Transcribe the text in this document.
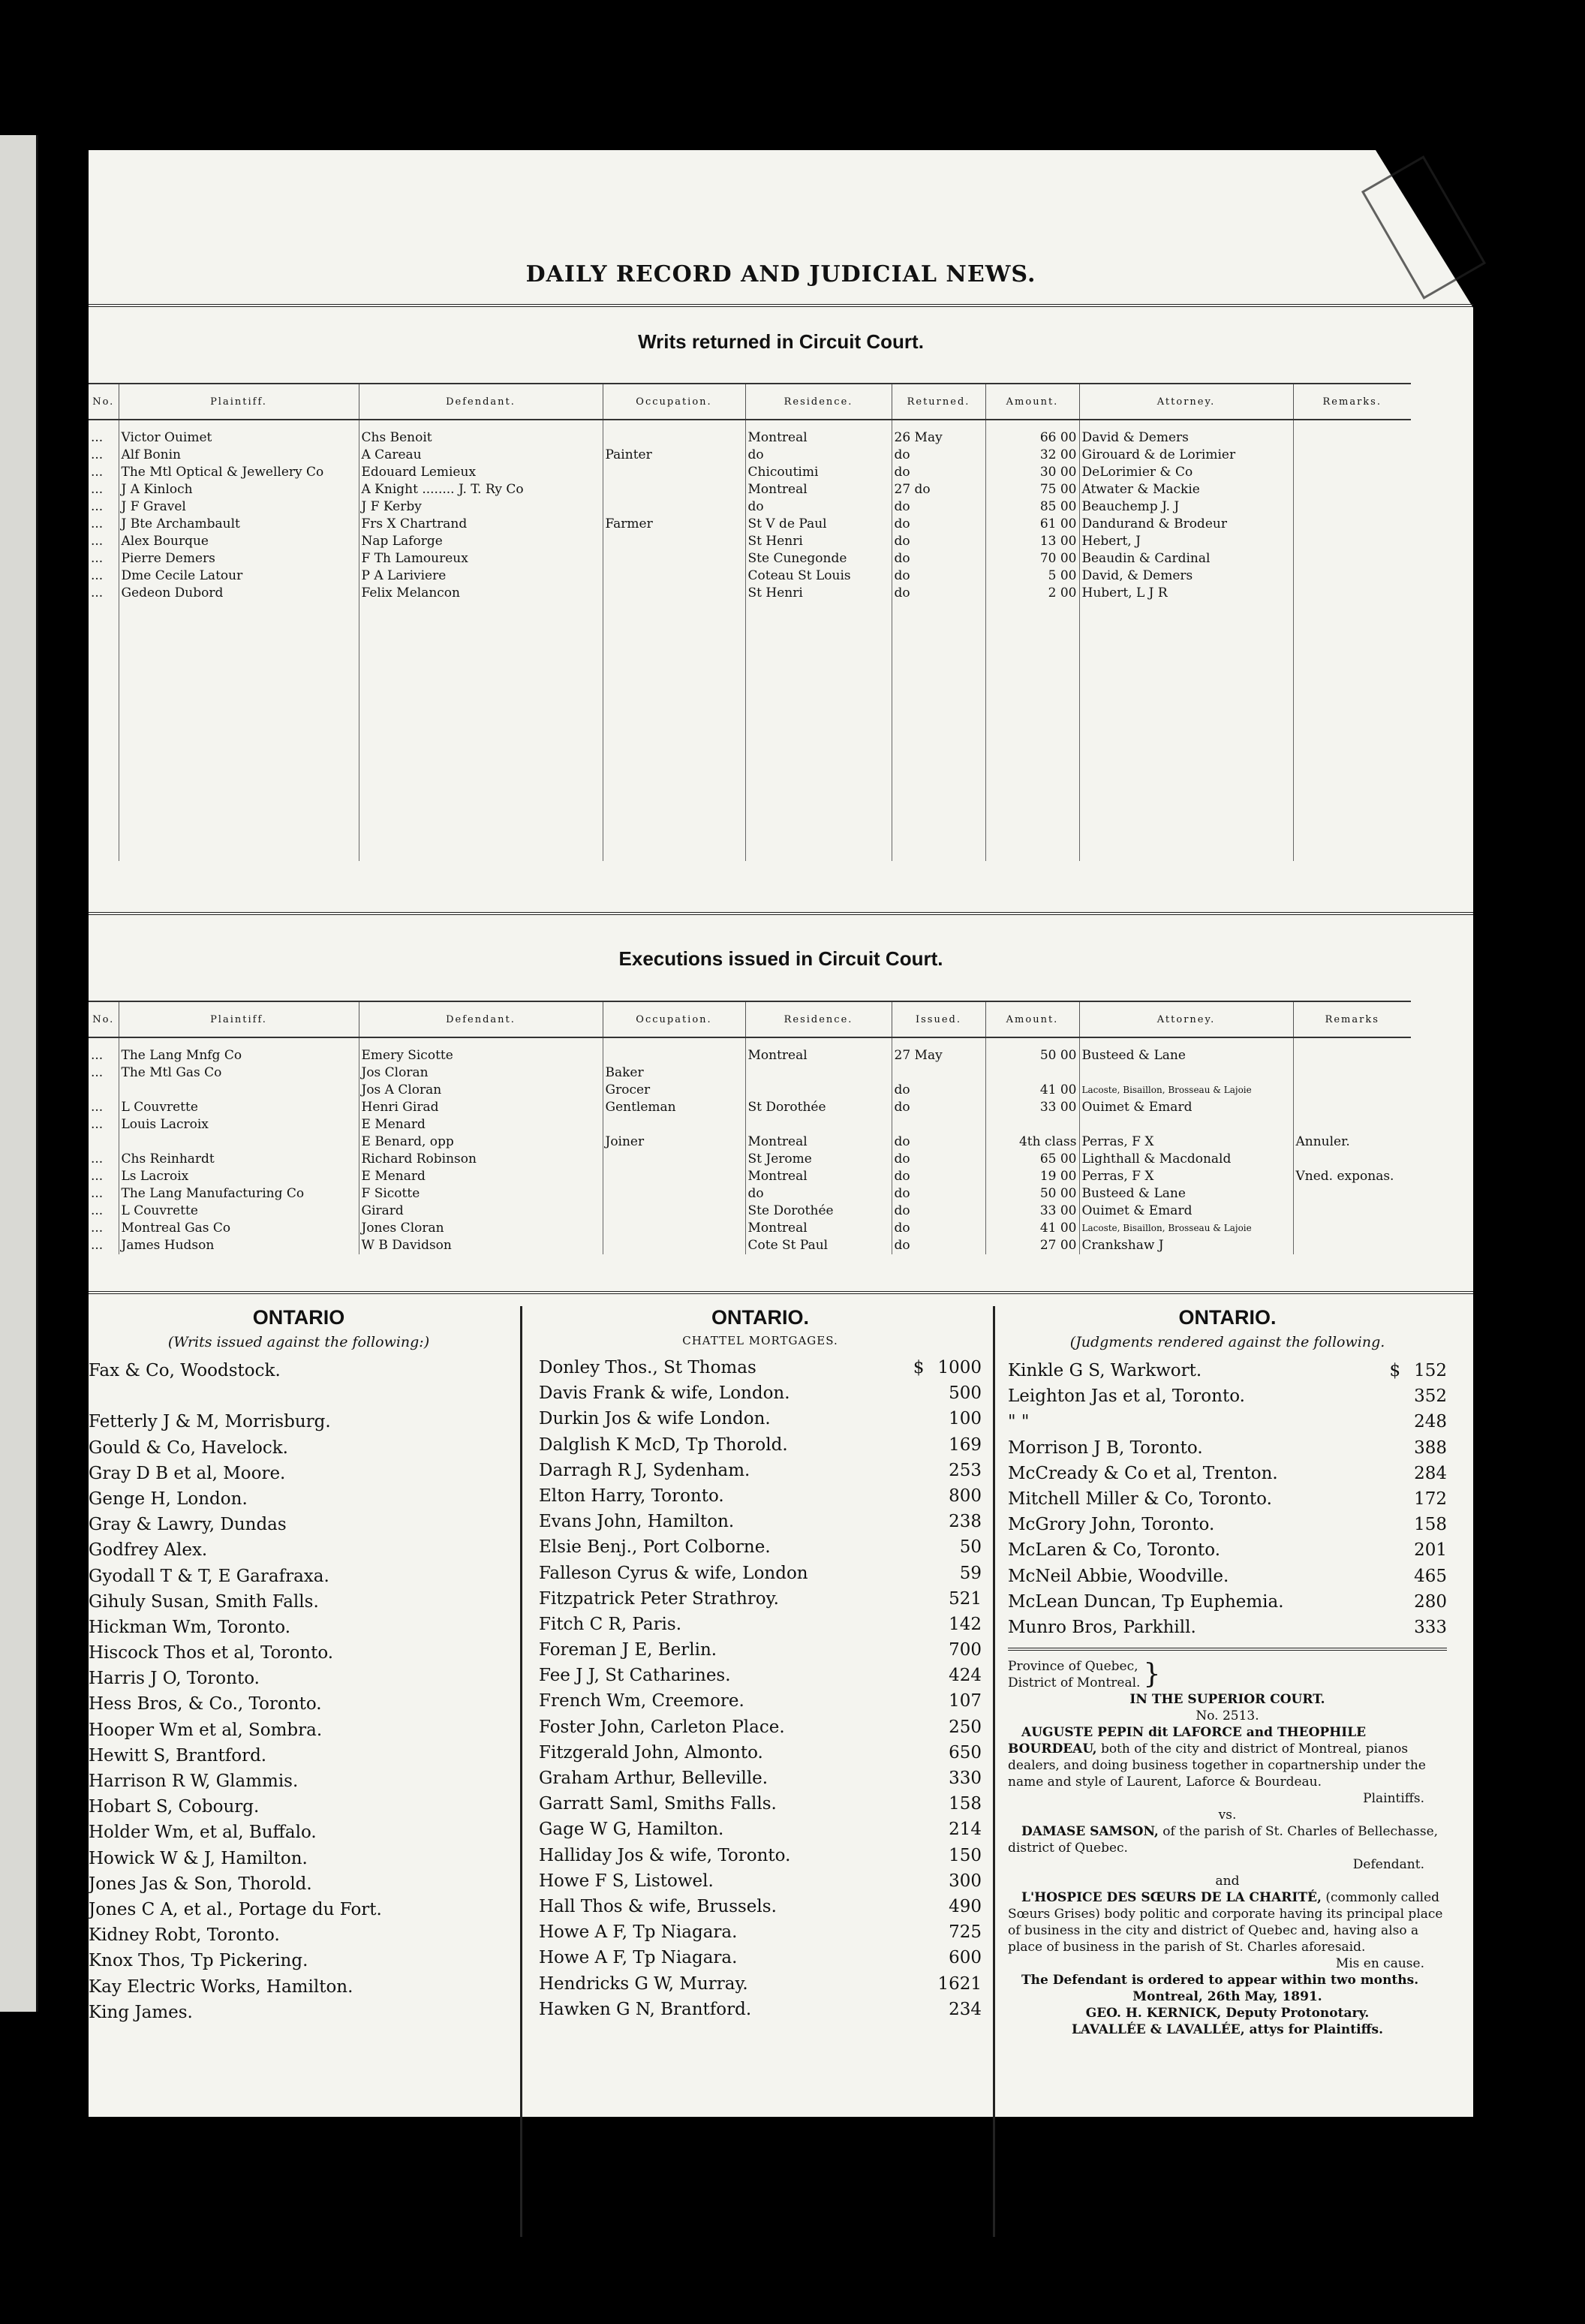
DAILY RECORD AND JUDICIAL NEWS.
Writs returned in Circuit Court.
No.	Plaintiff.	Defendant.	Occupation.	Residence.	Returned.	Amount.	Attorney.	Remarks.

...	Victor Ouimet	Chs Benoit		Montreal	26 May	66 00	David & Demers	
...	Alf Bonin	A Careau	Painter	do	do	32 00	Girouard & de Lorimier	
...	The Mtl Optical & Jewellery Co	Edouard Lemieux		Chicoutimi	do	30 00	DeLorimier & Co	
...	J A Kinloch	A Knight ........ J. T. Ry Co		Montreal	27 do	75 00	Atwater & Mackie	
...	J F Gravel	J F Kerby		do	do	85 00	Beauchemp J. J	
...	J Bte Archambault	Frs X Chartrand	Farmer	St V de Paul	do	61 00	Dandurand & Brodeur	
...	Alex Bourque	Nap Laforge		St Henri	do	13 00	Hebert, J	
...	Pierre Demers	F Th Lamoureux		Ste Cunegonde	do	70 00	Beaudin & Cardinal	
...	Dme Cecile Latour	P A Lariviere		Coteau St Louis	do	5 00	David, & Demers	
...	Gedeon Dubord	Felix Melancon		St Henri	do	2 00	Hubert, L J R	

Executions issued in Circuit Court.
No.	Plaintiff.	Defendant.	Occupation.	Residence.	Issued.	Amount.	Attorney.	Remarks

...	The Lang Mnfg Co	Emery Sicotte		Montreal	27 May	50 00	Busteed & Lane	
...	The Mtl Gas Co	Jos Cloran	Baker					
		Jos A Cloran	Grocer		do	41 00	Lacoste, Bisaillon, Brosseau & Lajoie	
...	L Couvrette	Henri Girad	Gentleman	St Dorothée	do	33 00	Ouimet & Emard	
...	Louis Lacroix	E Menard						
		E Benard, opp	Joiner	Montreal	do	4th class	Perras, F X	Annuler.
...	Chs Reinhardt	Richard Robinson		St Jerome	do	65 00	Lighthall & Macdonald	
...	Ls Lacroix	E Menard		Montreal	do	19 00	Perras, F X	Vned. exponas.
...	The Lang Manufacturing Co	F Sicotte		do	do	50 00	Busteed & Lane	
...	L Couvrette	Girard		Ste Dorothée	do	33 00	Ouimet & Emard	
...	Montreal Gas Co	Jones Cloran		Montreal	do	41 00	Lacoste, Bisaillon, Brosseau & Lajoie	
...	James Hudson	W B Davidson		Cote St Paul	do	27 00	Crankshaw J	
ONTARIO
(Writs issued against the following:)
Fax & Co, Woodstock.
Fetterly J & M, Morrisburg.
Gould & Co, Havelock.
Gray D B et al, Moore.
Genge H, London.
Gray & Lawry, Dundas
Godfrey Alex.
Gyodall T & T, E Garafraxa.
Gihuly Susan, Smith Falls.
Hickman Wm, Toronto.
Hiscock Thos et al, Toronto.
Harris J O, Toronto.
Hess Bros, & Co., Toronto.
Hooper Wm et al, Sombra.
Hewitt S, Brantford.
Harrison R W, Glammis.
Hobart S, Cobourg.
Holder Wm, et al, Buffalo.
Howick W & J, Hamilton.
Jones Jas & Son, Thorold.
Jones C A, et al., Portage du Fort.
Kidney Robt, Toronto.
Knox Thos, Tp Pickering.
Kay Electric Works, Hamilton.
King James.
ONTARIO.
CHATTEL MORTGAGES.
Donley Thos., St Thomas	$ 1000
Davis Frank & wife, London.	500
Durkin Jos & wife London.	100
Dalglish K McD, Tp Thorold.	169
Darragh R J, Sydenham.	253
Elton Harry, Toronto.	800
Evans John, Hamilton.	238
Elsie Benj., Port Colborne.	50
Falleson Cyrus & wife, London	59
Fitzpatrick Peter Strathroy.	521
Fitch C R, Paris.	142
Foreman J E, Berlin.	700
Fee J J, St Catharines.	424
French Wm, Creemore.	107
Foster John, Carleton Place.	250
Fitzgerald John, Almonto.	650
Graham Arthur, Belleville.	330
Garratt Saml, Smiths Falls.	158
Gage W G, Hamilton.	214
Halliday Jos & wife, Toronto.	150
Howe F S, Listowel.	300
Hall Thos & wife, Brussels.	490
Howe A F, Tp Niagara.	725
Howe A F, Tp Niagara.	600
Hendricks G W, Murray.	1621
Hawken G N, Brantford.	234
ONTARIO.
(Judgments rendered against the following.
Kinkle G S, Warkwort.	$ 152
Leighton Jas et al, Toronto.	352
" "	248
Morrison J B, Toronto.	388
McCready & Co et al, Trenton.	284
Mitchell Miller & Co, Toronto.	172
McGrory John, Toronto.	158
McLaren & Co, Toronto.	201
McNeil Abbie, Woodville.	465
McLean Duncan, Tp Euphemia.	280
Munro Bros, Parkhill.	333
Province of Quebec,
District of Montreal. }
IN THE SUPERIOR COURT.
No. 2513.
AUGUSTE PEPIN dit LAFORCE and THEOPHILE BOURDEAU, both of the city and district of Montreal, pianos dealers, and doing business together in copartnership under the name and style of Laurent, Laforce & Bourdeau.
Plaintiffs.
vs.
DAMASE SAMSON, of the parish of St. Charles of Bellechasse, district of Quebec.
Defendant.
and
L'HOSPICE DES SŒURS DE LA CHARITÉ, (commonly called Sœurs Grises) body politic and corporate having its principal place of business in the city and district of Quebec and, having also a place of business in the parish of St. Charles aforesaid.
Mis en cause.
The Defendant is ordered to appear within two months.
Montreal, 26th May, 1891.
GEO. H. KERNICK, Deputy Protonotary.
LAVALLÉE & LAVALLÉE, attys for Plaintiffs.
